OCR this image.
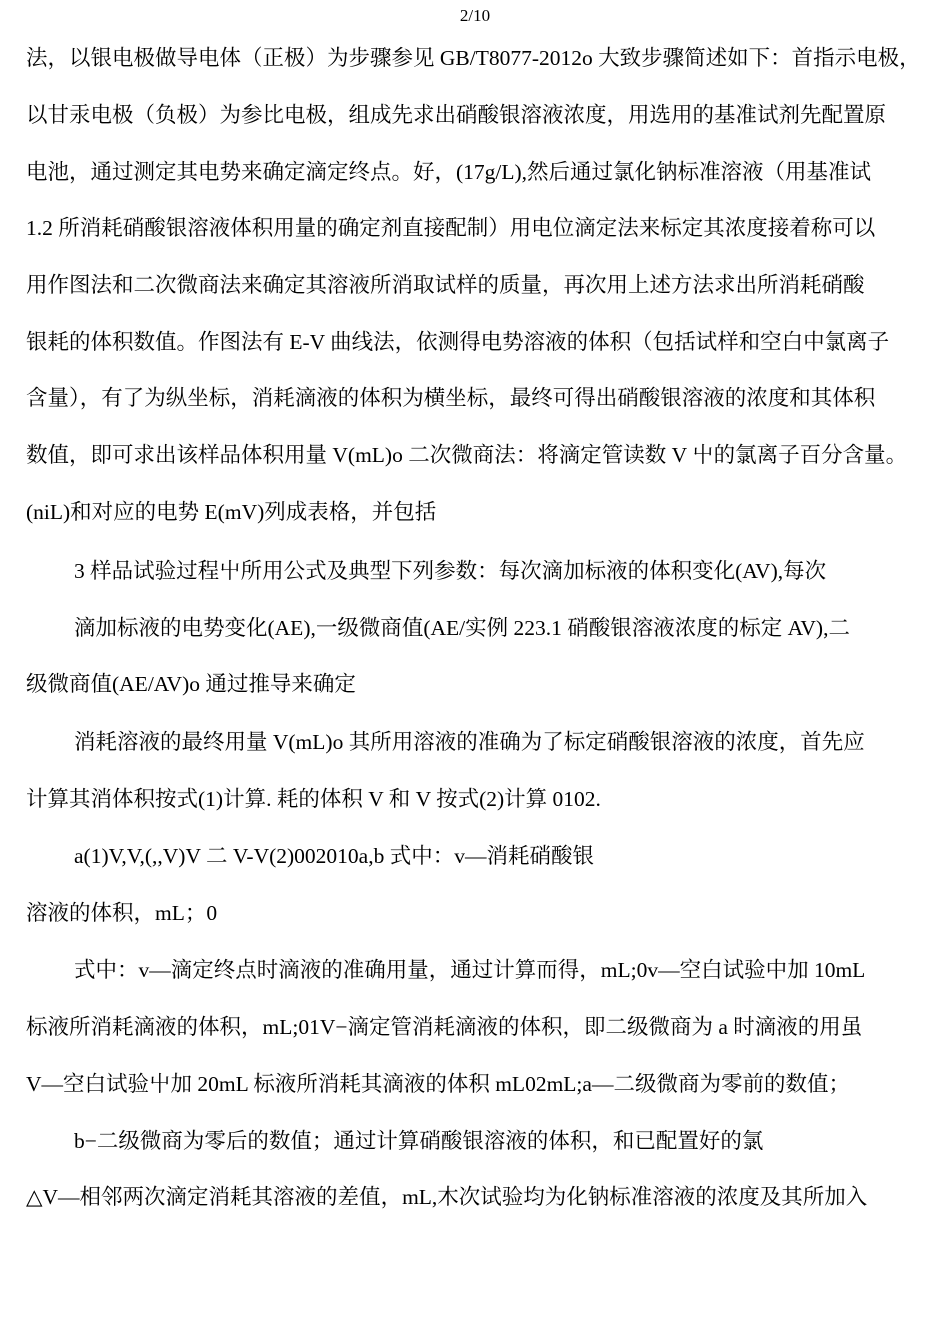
2/10
法，以银电极做导电体（正极）为步骤参见 GB/T8077-2012o 大致步骤简述如下：首指示电极，
以甘汞电极（负极）为参比电极，组成先求出硝酸银溶液浓度，用选用的基准试剂先配置原
电池，通过测定其电势来确定滴定终点。好，(17g/L),然后通过氯化钠标准溶液（用基准试
1.2 所消耗硝酸银溶液体积用量的确定剂直接配制）用电位滴定法来标定其浓度接着称可以
用作图法和二次微商法来确定其溶液所消取试样的质量，再次用上述方法求出所消耗硝酸
银耗的体积数值。作图法有 E-V 曲线法，依测得电势溶液的体积（包括试样和空白中氯离子
含量），有了为纵坐标，消耗滴液的体积为横坐标，最终可得出硝酸银溶液的浓度和其体积
数值，即可求出该样品体积用量 V(mL)o 二次微商法：将滴定管读数 V 屮的氯离子百分含量。
(niL)和对应的电势 E(mV)列成表格，并包括
3 样品试验过程屮所用公式及典型下列参数：每次滴加标液的体积变化(AV),每次
滴加标液的电势变化(AE),一级微商值(AE/实例 223.1 硝酸银溶液浓度的标定 AV),二
级微商值(AE/AV)o 通过推导来确定
消耗溶液的最终用量 V(mL)o 其所用溶液的准确为了标定硝酸银溶液的浓度，首先应
计算其消体积按式(1)计算. 耗的体积 V 和 V 按式(2)计算 0102.
a(1)V,V,(,,V)V 二 V-V(2)002010a,b 式中：v—消耗硝酸银
溶液的体积，mL；0
式中：v—滴定终点时滴液的准确用量，通过计算而得，mL;0v—空白试验中加 10mL
标液所消耗滴液的体积，mL;01V−滴定管消耗滴液的体积，即二级微商为 a 时滴液的用虽
V—空白试验屮加 20mL 标液所消耗其滴液的体积 mL02mL;a—二级微商为零前的数值；
b−二级微商为零后的数值；通过计算硝酸银溶液的体积，和已配置好的氯
△V—相邻两次滴定消耗其溶液的差值，mL,木次试验均为化钠标准溶液的浓度及其所加入
